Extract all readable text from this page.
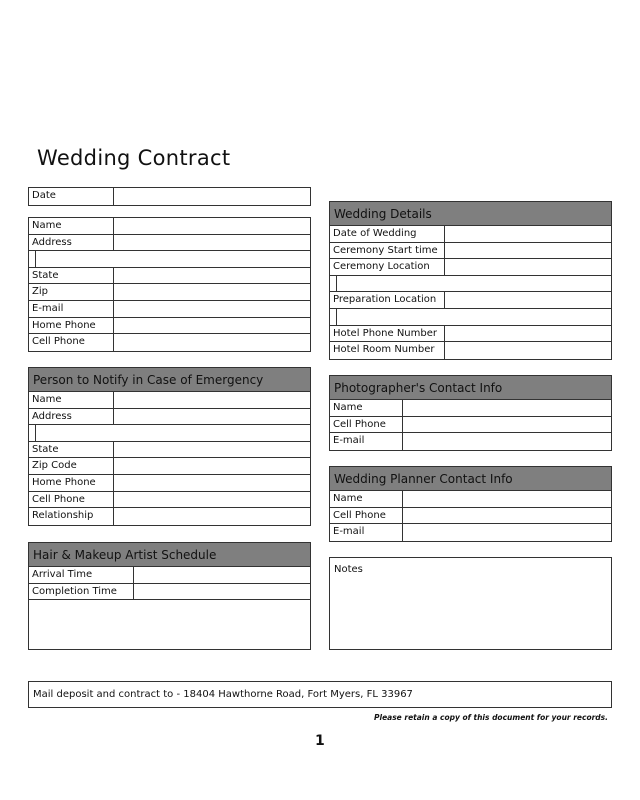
Wedding Contract
Date
Name
Address
State
Zip
E-mail
Home Phone
Cell Phone
Person to Notify in Case of Emergency
Name
Address
State
Zip Code
Home Phone
Cell Phone
Relationship
Hair & Makeup Artist Schedule
Arrival Time
Completion Time
Wedding Details
Date of Wedding
Ceremony Start time
Ceremony Location
Preparation Location
Hotel Phone Number
Hotel Room Number
Photographer's Contact Info
Name
Cell Phone
E-mail
Wedding Planner Contact Info
Name
Cell Phone
E-mail
Notes
Mail deposit and contract to - 18404 Hawthorne Road, Fort Myers, FL 33967
Please retain a copy of this document for your records.
1
